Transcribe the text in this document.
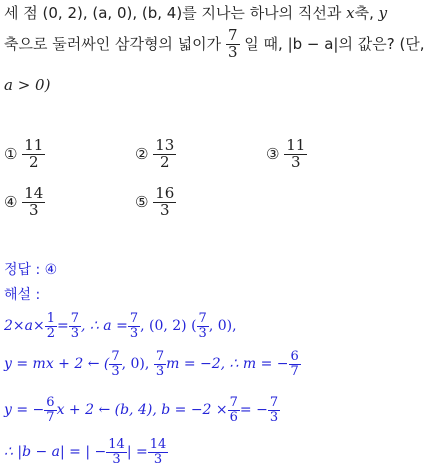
세 점 (0, 2), (a, 0), (b, 4)를 지나는 하나의 직선과 x축, y
축으로 둘러싸인 삼각형의 넓이가 $\frac{7}{3}$ 일 때, |b − a|의 값은? (단,
a > 0)
① $\frac{11}{2}$	② $\frac{13}{2}$	③ $\frac{11}{3}$
④ $\frac{14}{3}$	⑤ $\frac{16}{3}$
정답 : ④
해설 :
$2\times a\times \frac{1}{2} = \frac{7}{3}$ , ∴ $a = \frac{7}{3}$ , (0, 2) ( $\frac{7}{3}$ , 0),
y = mx + 2 ← ( $\frac{7}{3}$ , 0), $\frac{7}{3}$ m = −2, ∴ m = − $\frac{6}{7}$
y = − $\frac{6}{7}$ x + 2 ← (b, 4), $b = -2 \times \frac{7}{6}$ = − $\frac{7}{3}$
∴ |b − a| = | − $\frac{14}{3}$ | = $\frac{14}{3}$
